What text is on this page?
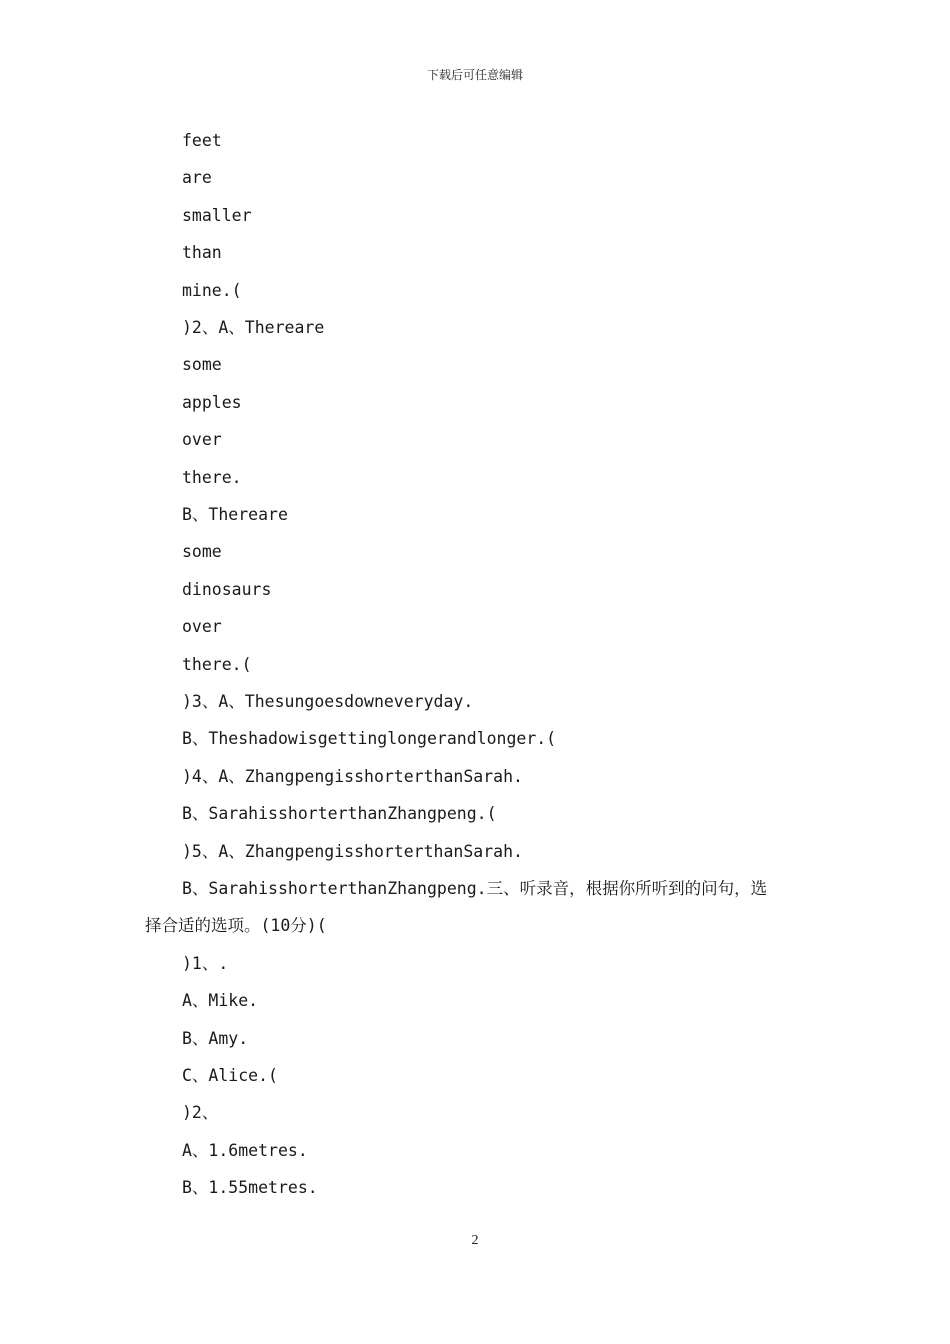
下载后可任意编辑
feet
are
smaller
than
mine.(
)2、A、Thereare
some
apples
over
there.
B、Thereare
some
dinosaurs
over
there.(
)3、A、Thesungoesdowneveryday.
B、Theshadowisgettinglongerandlonger.(
)4、A、ZhangpengisshorterthanSarah.
B、SarahisshorterthanZhangpeng.(
)5、A、ZhangpengisshorterthanSarah.
B、SarahisshorterthanZhangpeng.三、听录音，根据你所听到的问句，选
择合适的选项。(10分)(
)1、.
A、Mike.
B、Amy.
C、Alice.(
)2、
A、1.6metres.
B、1.55metres.
2
